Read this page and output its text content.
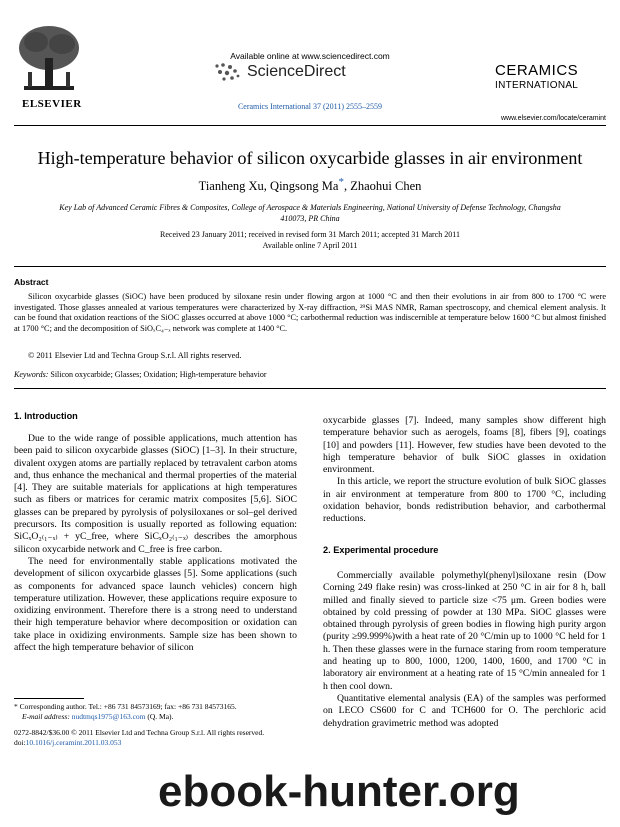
ELSEVIER
Available online at www.sciencedirect.com
ScienceDirect
Ceramics International 37 (2011) 2555–2559
CERAMICS
INTERNATIONAL
www.elsevier.com/locate/ceramint
High-temperature behavior of silicon oxycarbide glasses in air environment
Tianheng Xu, Qingsong Ma*, Zhaohui Chen
Key Lab of Advanced Ceramic Fibres & Composites, College of Aerospace & Materials Engineering, National University of Defense Technology, Changsha 410073, PR China
Received 23 January 2011; received in revised form 31 March 2011; accepted 31 March 2011
Available online 7 April 2011
Abstract
Silicon oxycarbide glasses (SiOC) have been produced by siloxane resin under flowing argon at 1000 °C and then their evolutions in air from 800 to 1700 °C were investigated. Those glasses annealed at various temperatures were characterized by X-ray diffraction, ²⁹Si MAS NMR, Raman spectroscopy, and chemical element analysis. It can be found that oxidation reactions of the SiOC glasses occurred at above 1000 °C; carbothermal reduction was indiscernible at temperature below 1600 °C but almost finished at 1700 °C; and the decomposition of SiOₓC₄₋ₓ network was complete at 1400 °C.
© 2011 Elsevier Ltd and Techna Group S.r.l. All rights reserved.
Keywords: Silicon oxycarbide; Glasses; Oxidation; High-temperature behavior
1. Introduction

Due to the wide range of possible applications, much attention has been paid to silicon oxycarbide glasses (SiOC) [1–3]. In their structure, divalent oxygen atoms are partially replaced by tetravalent carbon atoms and, thus enhance the mechanical and thermal properties of the material [4]. They are suitable materials for applications at high temperatures such as fibers or matrices for ceramic matrix composites [5,6]. SiOC glasses can be prepared by pyrolysis of polysiloxanes or sol–gel derived precursors. Its composition is usually reported as following equation: SiCₓO₂₍₁₋ₓ₎ + yC_free, where SiCₓO₂₍₁₋ₓ₎ describes the amorphous silicon oxycarbide network and C_free is free carbon.

The need for environmentally stable applications motivated the development of silicon oxycarbide glasses [5]. Some applications (such as components for advanced space launch vehicles) concern high temperature utilization. However, these applications require exposure to oxidizing environment. Therefore there is a strong need to understand their high temperature behavior where decomposition or oxidation can take place in oxidizing environments. Sample size has been shown to affect the high temperature behavior of silicon

oxycarbide glasses [7]. Indeed, many samples show different high temperature behavior such as aerogels, foams [8], fibers [9], coatings [10] and powders [11]. However, few studies have been devoted to the high temperature behavior of bulk SiOC glasses in oxidation environment.

In this article, we report the structure evolution of bulk SiOC glasses in air environment at temperature from 800 to 1700 °C, including oxidation behavior, bonds redistribution behavior, and carbothermal reductions.

2. Experimental procedure

Commercially available polymethyl(phenyl)siloxane resin (Dow Corning 249 flake resin) was cross-linked at 250 °C in air for 8 h, ball milled and finally sieved to particle size <75 μm. Green bodies were obtained by cold pressing of powder at 130 MPa. SiOC glasses were obtained through pyrolysis of green bodies in flowing high purity argon (purity ≥99.999%)with a heat rate of 20 °C/min up to 1000 °C held for 1 h. Then these glasses were in the furnace staring from room temperature and heating up to 800, 1000, 1200, 1400, 1600, and 1700 °C in laboratory air environment at a heating rate of 15 °C/min annealed for 1 h then cool down.

Quantitative elemental analysis (EA) of the samples was performed on LECO CS600 for C and TCH600 for O. The perchloric acid dehydration gravimetric method was adopted

* Corresponding author. Tel.: +86 731 84573169; fax: +86 731 84573165.
E-mail address: nudtmqs1975@163.com (Q. Ma).
0272-8842/$36.00 © 2011 Elsevier Ltd and Techna Group S.r.l. All rights reserved.
doi:10.1016/j.ceramint.2011.03.053
ebook-hunter.org
